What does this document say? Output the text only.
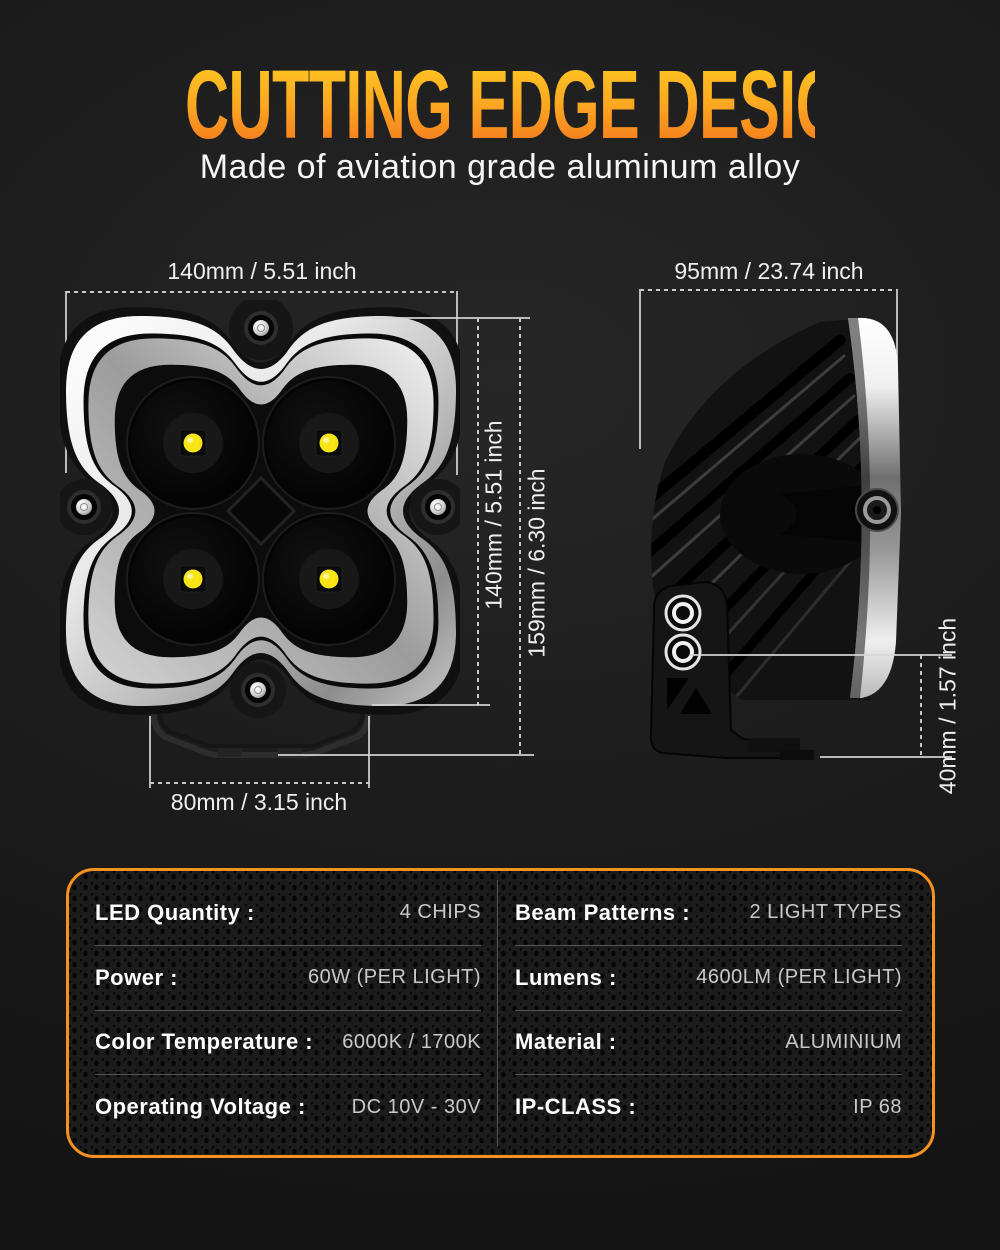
CUTTING EDGE DESIGN
Made of aviation grade aluminum alloy
140mm / 5.51 inch	95mm / 23.74 inch
140mm / 5.51 inch 159mm / 6.30 inch
80mm / 3.15 inch
40mm / 1.57 inch
LED Quantity :	4 CHIPS
Power :	60W (PER LIGHT)
Color Temperature : 6000K / 1700K
Operating Voltage : DC 10V - 30V
Beam Patterns :	2 LIGHT TYPES
Lumens :	4600LM (PER LIGHT)
Material :	ALUMINIUM
IP-CLASS :	IP 68
